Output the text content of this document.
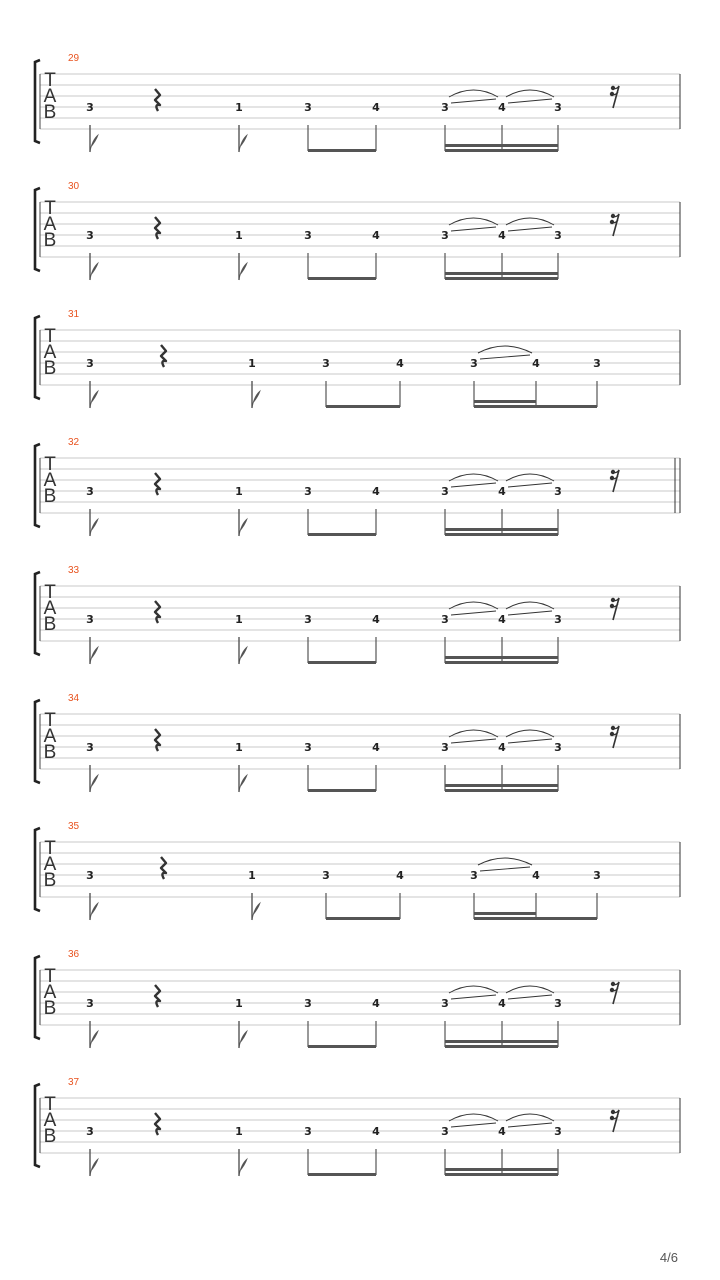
29
T
A
B	3	1	3	4	3	4	3
30
T
A
B	3	1	3	4	3	4	3
31
T
A
B	3	1	3	4	3	4	3
32
T
A
B	3	1	3	4	3	4	3
33
T
A
B	3	1	3	4	3	4	3
34
T
A
B	3	1	3	4	3	4	3
35
T
A
B	3	1	3	4	3	4	3
36
T
A
B	3	1	3	4	3	4	3
37
T
A
B	3	1	3	4	3	4	3
4/6
